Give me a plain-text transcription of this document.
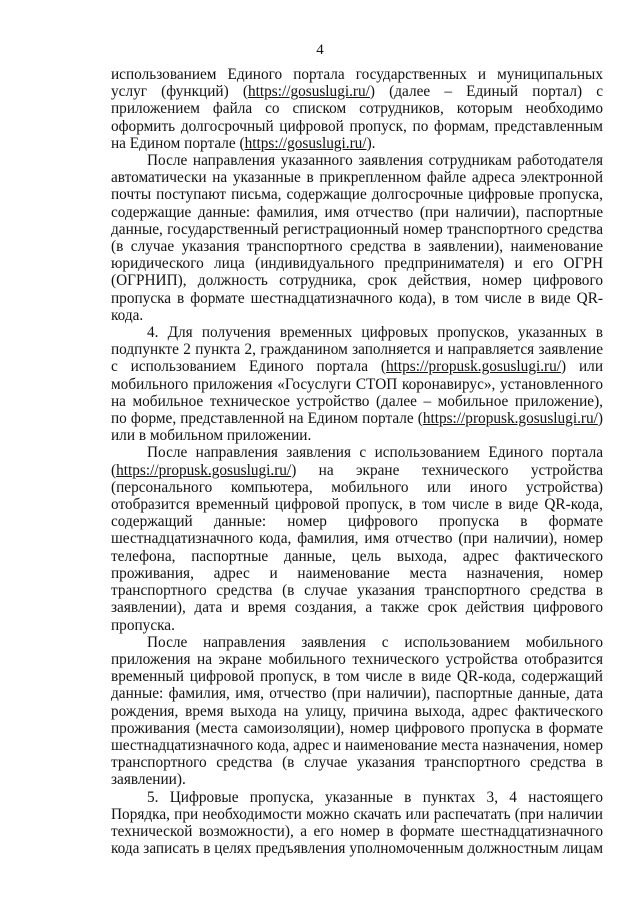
4

использованием Единого портала государственных и муниципальных услуг (функций) (https://gosuslugi.ru/) (далее – Единый портал) с приложением файла со списком сотрудников, которым необходимо оформить долгосрочный цифровой пропуск, по формам, представленным на Едином портале (https://gosuslugi.ru/).

После направления указанного заявления сотрудникам работодателя автоматически на указанные в прикрепленном файле адреса электронной почты поступают письма, содержащие долгосрочные цифровые пропуска, содержащие данные: фамилия, имя отчество (при наличии), паспортные данные, государственный регистрационный номер транспортного средства (в случае указания транспортного средства в заявлении), наименование юридического лица (индивидуального предпринимателя) и его ОГРН (ОГРНИП), должность сотрудника, срок действия, номер цифрового пропуска в формате шестнадцатизначного кода), в том числе в виде QR-кода.

4. Для получения временных цифровых пропусков, указанных в подпункте 2 пункта 2, гражданином заполняется и направляется заявление с использованием Единого портала (https://propusk.gosuslugi.ru/) или мобильного приложения «Госуслуги СТОП коронавирус», установленного на мобильное техническое устройство (далее – мобильное приложение), по форме, представленной на Едином портале (https://propusk.gosuslugi.ru/) или в мобильном приложении.

После направления заявления с использованием Единого портала (https://propusk.gosuslugi.ru/) на экране технического устройства (персонального компьютера, мобильного или иного устройства) отобразится временный цифровой пропуск, в том числе в виде QR-кода, содержащий данные: номер цифрового пропуска в формате шестнадцатизначного кода, фамилия, имя отчество (при наличии), номер телефона, паспортные данные, цель выхода, адрес фактического проживания, адрес и наименование места назначения, номер транспортного средства (в случае указания транспортного средства в заявлении), дата и время создания, а также срок действия цифрового пропуска.

После направления заявления с использованием мобильного приложения на экране мобильного технического устройства отобразится временный цифровой пропуск, в том числе в виде QR-кода, содержащий данные: фамилия, имя, отчество (при наличии), паспортные данные, дата рождения, время выхода на улицу, причина выхода, адрес фактического проживания (места самоизоляции), номер цифрового пропуска в формате шестнадцатизначного кода, адрес и наименование места назначения, номер транспортного средства (в случае указания транспортного средства в заявлении).

5. Цифровые пропуска, указанные в пунктах 3, 4 настоящего Порядка, при необходимости можно скачать или распечатать (при наличии технической возможности), а его номер в формате шестнадцатизначного кода записать в целях предъявления уполномоченным должностным лицам
